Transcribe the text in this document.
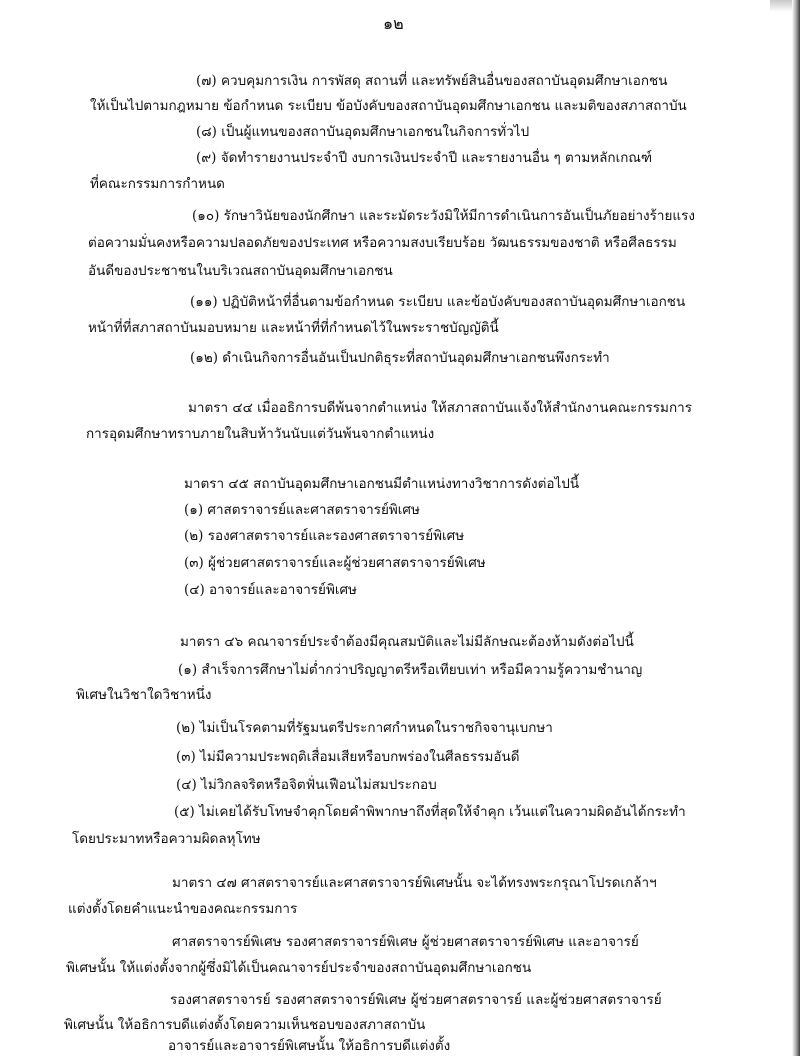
๑๒
(๗) ควบคุมการเงิน การพัสดุ สถานที่ และทรัพย์สินอื่นของสถาบันอุดมศึกษาเอกชน
ให้เป็นไปตามกฎหมาย ข้อกำหนด ระเบียบ ข้อบังคับของสถาบันอุดมศึกษาเอกชน และมติของสภาสถาบัน
(๘) เป็นผู้แทนของสถาบันอุดมศึกษาเอกชนในกิจการทั่วไป
(๙) จัดทำรายงานประจำปี งบการเงินประจำปี และรายงานอื่น ๆ ตามหลักเกณฑ์
ที่คณะกรรมการกำหนด
(๑๐) รักษาวินัยของนักศึกษา และระมัดระวังมิให้มีการดำเนินการอันเป็นภัยอย่างร้ายแรง
ต่อความมั่นคงหรือความปลอดภัยของประเทศ หรือความสงบเรียบร้อย วัฒนธรรมของชาติ หรือศีลธรรม
อันดีของประชาชนในบริเวณสถาบันอุดมศึกษาเอกชน
(๑๑) ปฏิบัติหน้าที่อื่นตามข้อกำหนด ระเบียบ และข้อบังคับของสถาบันอุดมศึกษาเอกชน
หน้าที่ที่สภาสถาบันมอบหมาย และหน้าที่ที่กำหนดไว้ในพระราชบัญญัตินี้
(๑๒) ดำเนินกิจการอื่นอันเป็นปกติธุระที่สถาบันอุดมศึกษาเอกชนพึงกระทำ
มาตรา ๔๔ เมื่ออธิการบดีพ้นจากตำแหน่ง ให้สภาสถาบันแจ้งให้สำนักงานคณะกรรมการ
การอุดมศึกษาทราบภายในสิบห้าวันนับแต่วันพ้นจากตำแหน่ง
มาตรา ๔๕ สถาบันอุดมศึกษาเอกชนมีตำแหน่งทางวิชาการดังต่อไปนี้
(๑) ศาสตราจารย์และศาสตราจารย์พิเศษ
(๒) รองศาสตราจารย์และรองศาสตราจารย์พิเศษ
(๓) ผู้ช่วยศาสตราจารย์และผู้ช่วยศาสตราจารย์พิเศษ
(๔) อาจารย์และอาจารย์พิเศษ
มาตรา ๔๖ คณาจารย์ประจำต้องมีคุณสมบัติและไม่มีลักษณะต้องห้ามดังต่อไปนี้
(๑) สำเร็จการศึกษาไม่ต่ำกว่าปริญญาตรีหรือเทียบเท่า หรือมีความรู้ความชำนาญ
พิเศษในวิชาใดวิชาหนึ่ง
(๒) ไม่เป็นโรคตามที่รัฐมนตรีประกาศกำหนดในราชกิจจานุเบกษา
(๓) ไม่มีความประพฤติเสื่อมเสียหรือบกพร่องในศีลธรรมอันดี
(๔) ไม่วิกลจริตหรือจิตฟั่นเฟือนไม่สมประกอบ
(๕) ไม่เคยได้รับโทษจำคุกโดยคำพิพากษาถึงที่สุดให้จำคุก เว้นแต่ในความผิดอันได้กระทำ
โดยประมาทหรือความผิดลหุโทษ
มาตรา ๔๗ ศาสตราจารย์และศาสตราจารย์พิเศษนั้น จะได้ทรงพระกรุณาโปรดเกล้าฯ
แต่งตั้งโดยคำแนะนำของคณะกรรมการ
ศาสตราจารย์พิเศษ รองศาสตราจารย์พิเศษ ผู้ช่วยศาสตราจารย์พิเศษ และอาจารย์
พิเศษนั้น ให้แต่งตั้งจากผู้ซึ่งมิได้เป็นคณาจารย์ประจำของสถาบันอุดมศึกษาเอกชน
รองศาสตราจารย์ รองศาสตราจารย์พิเศษ ผู้ช่วยศาสตราจารย์ และผู้ช่วยศาสตราจารย์
พิเศษนั้น ให้อธิการบดีแต่งตั้งโดยความเห็นชอบของสภาสถาบัน
อาจารย์และอาจารย์พิเศษนั้น ให้อธิการบดีแต่งตั้ง
